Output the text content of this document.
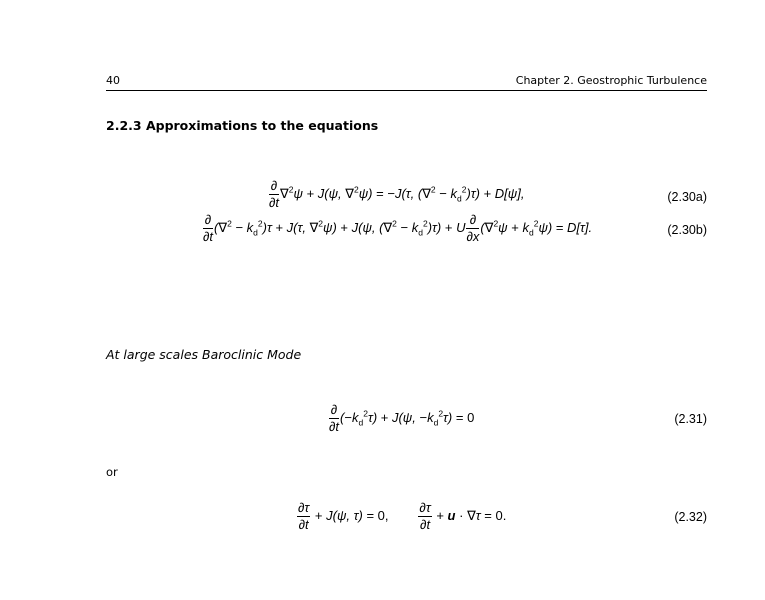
40	Chapter 2. Geostrophic Turbulence
2.2.3 Approximations to the equations
$\frac{\partial}{\partial t} \nabla^2\psi + J(\psi$, ∇$^2$ψ) = −J(τ, $(\nabla^2 - k_d^2)\tau) + D[\psi]$,	(2.30a)
$\frac{\partial}{\partial t} (\nabla^2 - k_d^2)\tau + J(\tau$, ∇$^2$ψ) + J(ψ, $(\nabla^2 - k_d^2)\tau) + U \frac{\partial}{\partial x} (\nabla^2\psi + k_d^2\psi) = D[\tau]$.	(2.30b)
At large scales Baroclinic Mode
$\frac{\partial}{\partial t} (-k_d^2\tau) + J(\psi$, $-k_d^2\tau) = 0$	(2.31)
or
$\frac{\partial\tau}{\partial t} + J(\psi$, τ) = 0, $\frac{\partial\tau}{\partial t} + u \cdot \nabla\tau = 0$.	(2.32)
